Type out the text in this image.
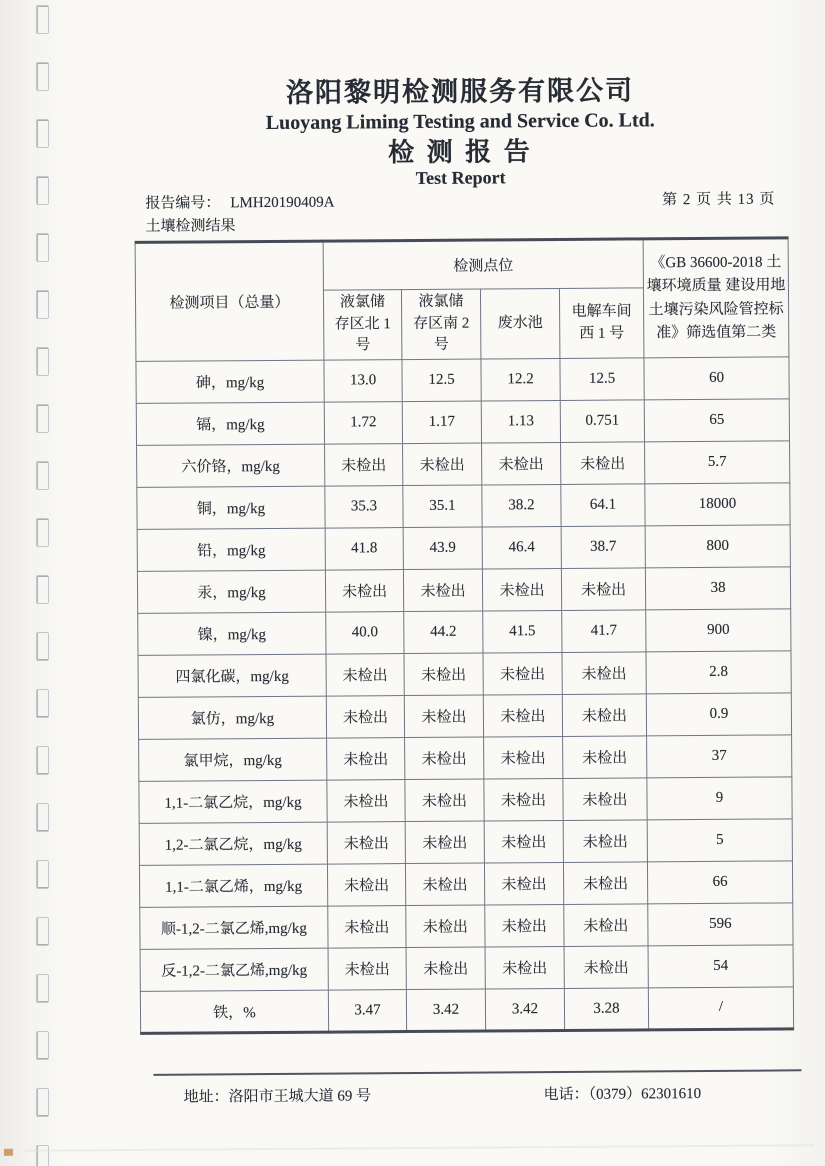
洛阳黎明检测服务有限公司
Luoyang Liming Testing and Service Co. Ltd.
检 测 报 告
Test Report
报告编号： LMH20190409A	第 2 页 共 13 页
土壤检测结果
检测项目（总量）	检测点位				《GB 36600-2018 土壤环境质量 建设用地土壤污染风险管控标准》筛选值第二类
	液氯储存区北 1 号	液氯储存区南 2 号	废水池	电解车间西 1 号	
砷，mg/kg	13.0	12.5	12.2	12.5	60
镉，mg/kg	1.72	1.17	1.13	0.751	65
六价铬，mg/kg	未检出	未检出	未检出	未检出	5.7
铜，mg/kg	35.3	35.1	38.2	64.1	18000
铅，mg/kg	41.8	43.9	46.4	38.7	800
汞，mg/kg	未检出	未检出	未检出	未检出	38
镍，mg/kg	40.0	44.2	41.5	41.7	900
四氯化碳，mg/kg	未检出	未检出	未检出	未检出	2.8
氯仿，mg/kg	未检出	未检出	未检出	未检出	0.9
氯甲烷，mg/kg	未检出	未检出	未检出	未检出	37
1,1-二氯乙烷，mg/kg	未检出	未检出	未检出	未检出	9
1,2-二氯乙烷，mg/kg	未检出	未检出	未检出	未检出	5
1,1-二氯乙烯，mg/kg	未检出	未检出	未检出	未检出	66
顺-1,2-二氯乙烯,mg/kg	未检出	未检出	未检出	未检出	596
反-1,2-二氯乙烯,mg/kg	未检出	未检出	未检出	未检出	54
铁，%	3.47	3.42	3.42	3.28	/
地址：洛阳市王城大道 69 号	电话：（0379）62301610
